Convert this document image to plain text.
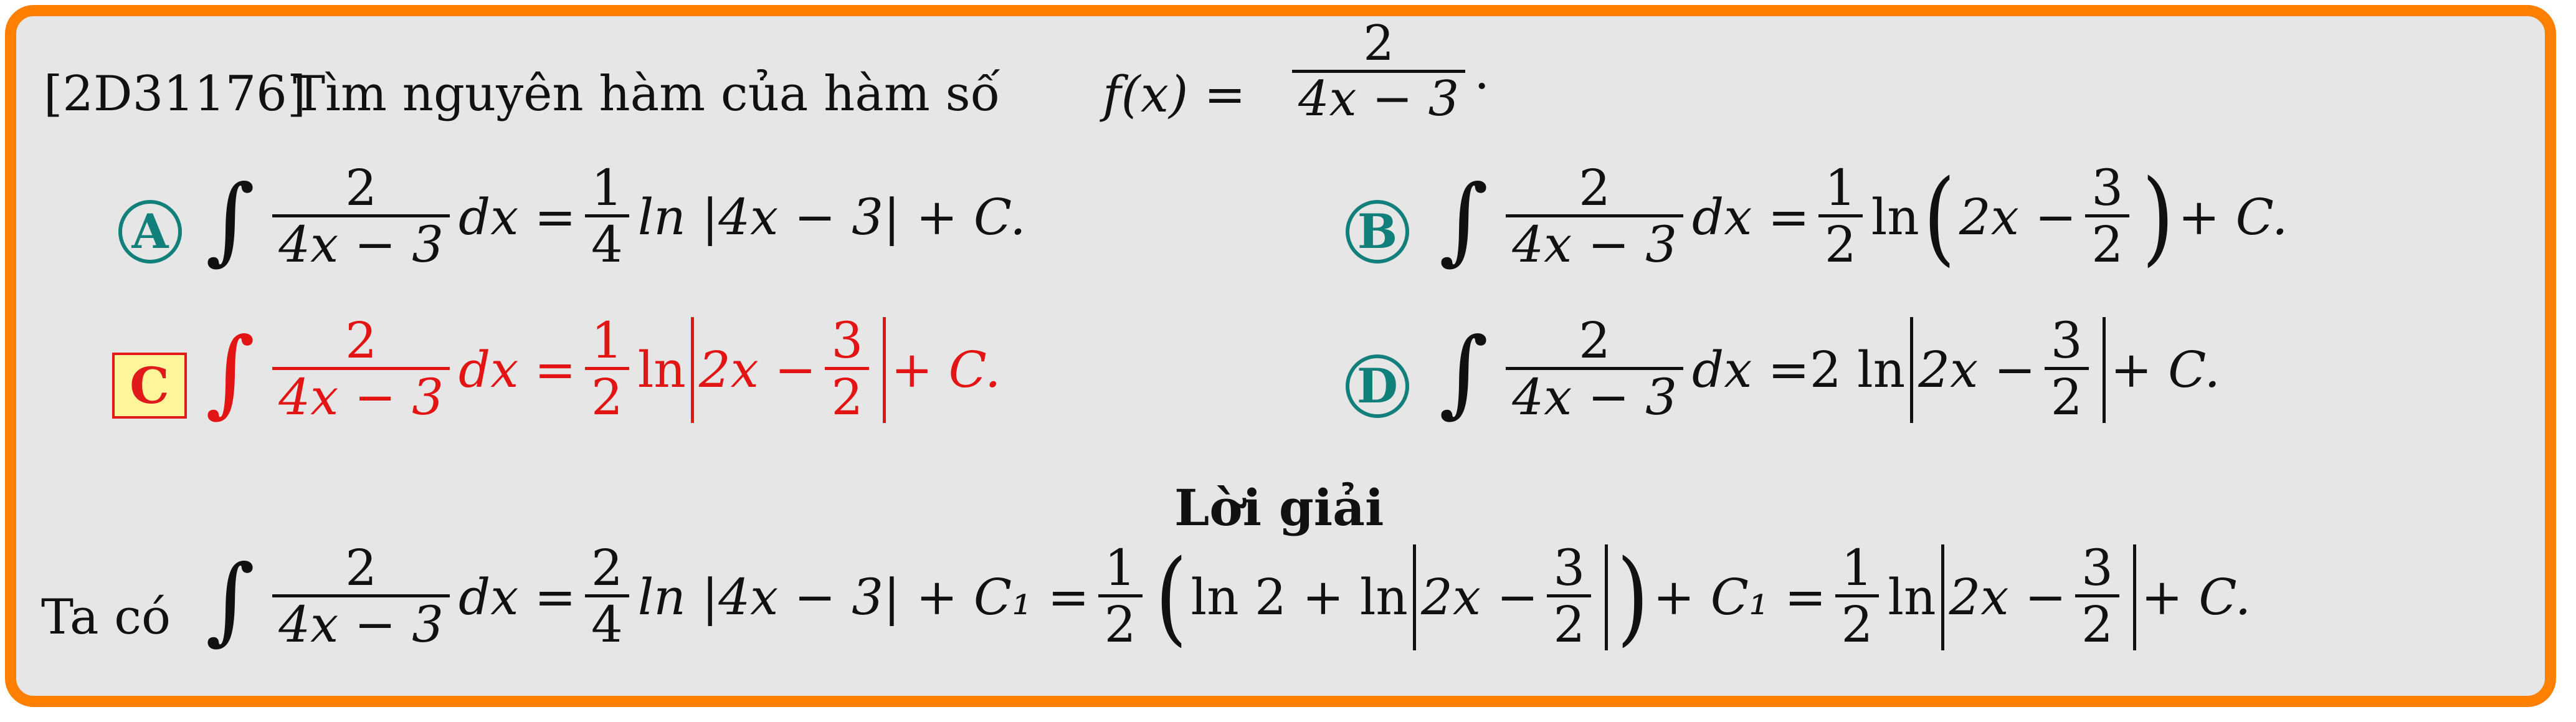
[2D31176]
Tìm nguyên hàm của hàm số $f(x) = \frac{2}{4x - 3}$ .
A ∫ $\frac{2}{4x - 3}$ dx = $\frac{1}{4}$ ln |4x − 3| + C.	B ∫ $\frac{2}{4x - 3}$ dx = $\frac{1}{2}$ ln ( $2x - \frac{3}{2}$ ) + C.
C ∫ $\frac{2}{4x - 3}$ dx = $\frac{1}{2}$ $\ln 2x - \frac{3}{2} + C$.	D ∫ $\frac{2}{4x - 3}$ dx = 2 $\ln 2x - \frac{3}{2} + C$.
Lời giải
Ta có ∫ $\frac{2}{4x - 3}$ dx = $\frac{2}{4}$ $\ln |4x - 3| + C_1 = \frac{1}{2}$ ( $\ln 2 + \ln 2x - \frac{3}{2}$ ) + $C_1 = \frac{1}{2}$ $\ln 2x - \frac{3}{2} + C$.
